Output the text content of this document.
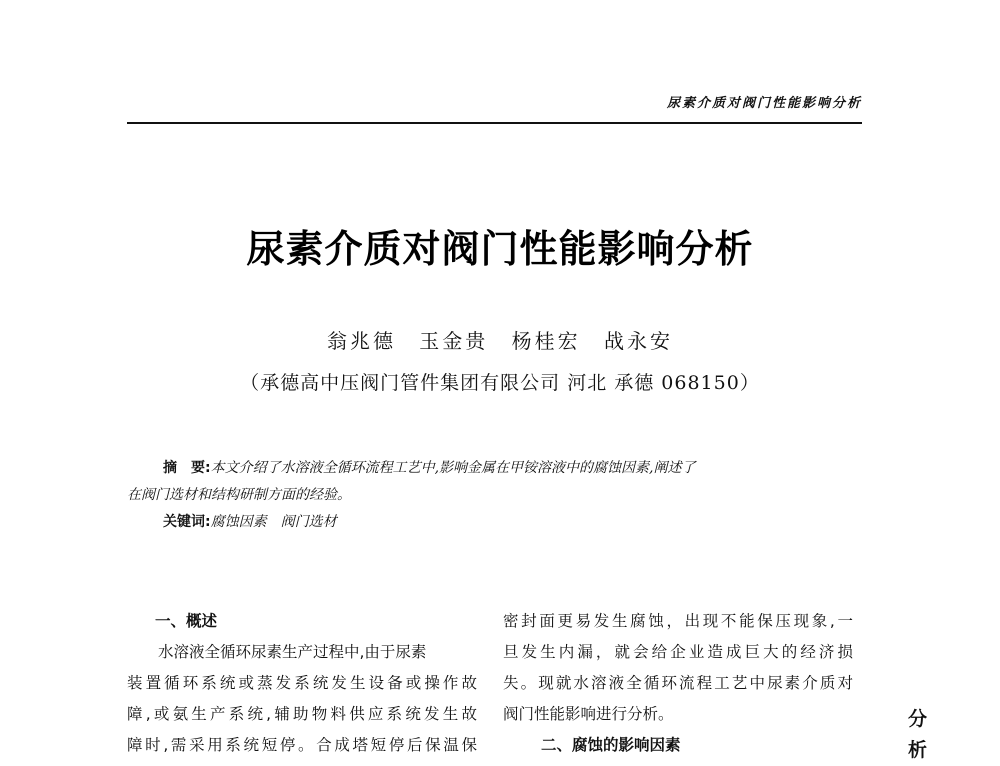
尿素介质对阀门性能影响分析
尿素介质对阀门性能影响分析
翁兆德 玉金贵 杨桂宏 战永安
（承德高中压阀门管件集团有限公司 河北 承德 068150）
摘　要:本文介绍了水溶液全循环流程工艺中,影响金属在甲铵溶液中的腐蚀因素,阐述了
在阀门选材和结构研制方面的经验。
关键词:腐蚀因素　阀门选材
一、概述
水溶液全循环尿素生产过程中,由于尿素
装置循环系统或蒸发系统发生设备或操作故
障,或氨生产系统,辅助物料供应系统发生故
障时,需采用系统短停。合成塔短停后保温保
密封面更易发生腐蚀，出现不能保压现象,一
旦发生内漏，就会给企业造成巨大的经济损
失。现就水溶液全循环流程工艺中尿素介质对
阀门性能影响进行分析。
二、腐蚀的影响因素
分
析
